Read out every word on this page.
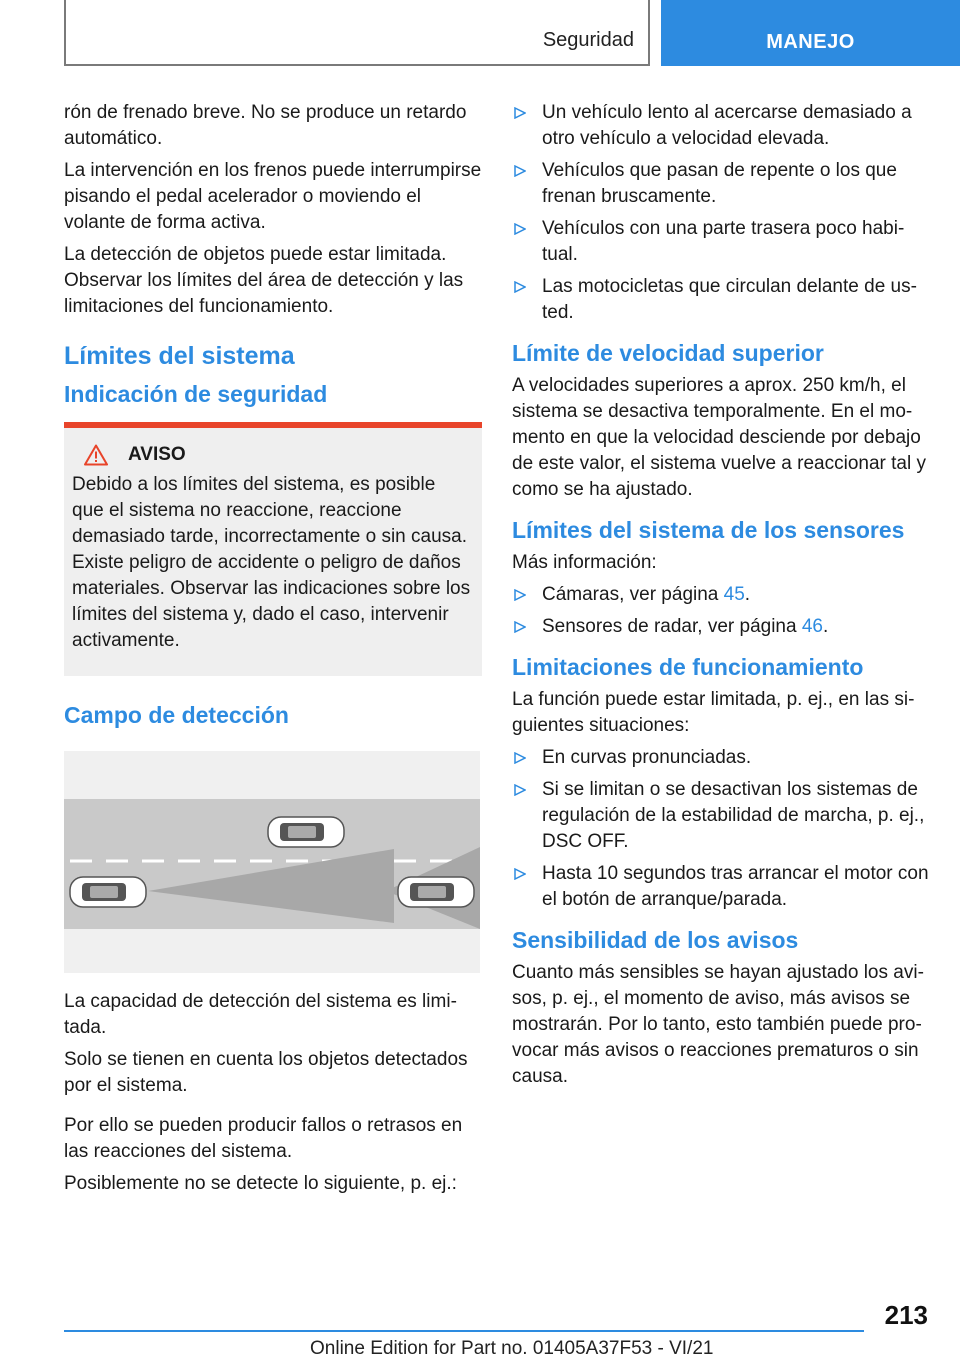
Seguridad	MANEJO

rón de frenado breve. No se produce un retardo automático.

La intervención en los frenos puede interrumpirse pisando el pedal acelerador o moviendo el volante de forma activa.

La detección de objetos puede estar limitada. Observar los límites del área de detección y las limitaciones del funcionamiento.

Límites del sistema
Indicación de seguridad
AVISO

Debido a los límites del sistema, es posible que el sistema no reaccione, reaccione demasiado tarde, incorrectamente o sin causa. Existe peligro de accidente o peligro de daños materiales. Observar las indicaciones sobre los límites del sistema y, dado el caso, intervenir activamente.

Campo de detección

La capacidad de detección del sistema es limitada.

Solo se tienen en cuenta los objetos detectados por el sistema.

Por ello se pueden producir fallos o retrasos en las reacciones del sistema.

Posiblemente no se detecte lo siguiente, p. ej.:

Un vehículo lento al acercarse demasiado a otro vehículo a velocidad elevada.
Vehículos que pasan de repente o los que frenan bruscamente.
Vehículos con una parte trasera poco habitual.
Las motocicletas que circulan delante de usted.
Límite de velocidad superior

A velocidades superiores a aprox. 250 km/h, el sistema se desactiva temporalmente. En el momento en que la velocidad desciende por debajo de este valor, el sistema vuelve a reaccionar tal y como se ha ajustado.

Límites del sistema de los sensores

Más información:

Cámaras, ver página 45.
Sensores de radar, ver página 46.
Limitaciones de funcionamiento

La función puede estar limitada, p. ej., en las siguientes situaciones:

En curvas pronunciadas.
Si se limitan o se desactivan los sistemas de regulación de la estabilidad de marcha, p. ej., DSC OFF.
Hasta 10 segundos tras arrancar el motor con el botón de arranque/parada.
Sensibilidad de los avisos

Cuanto más sensibles se hayan ajustado los avisos, p. ej., el momento de aviso, más avisos se mostrarán. Por lo tanto, esto también puede provocar más avisos o reacciones prematuros o sin causa.

213
Online Edition for Part no. 01405A37F53 - VI/21
